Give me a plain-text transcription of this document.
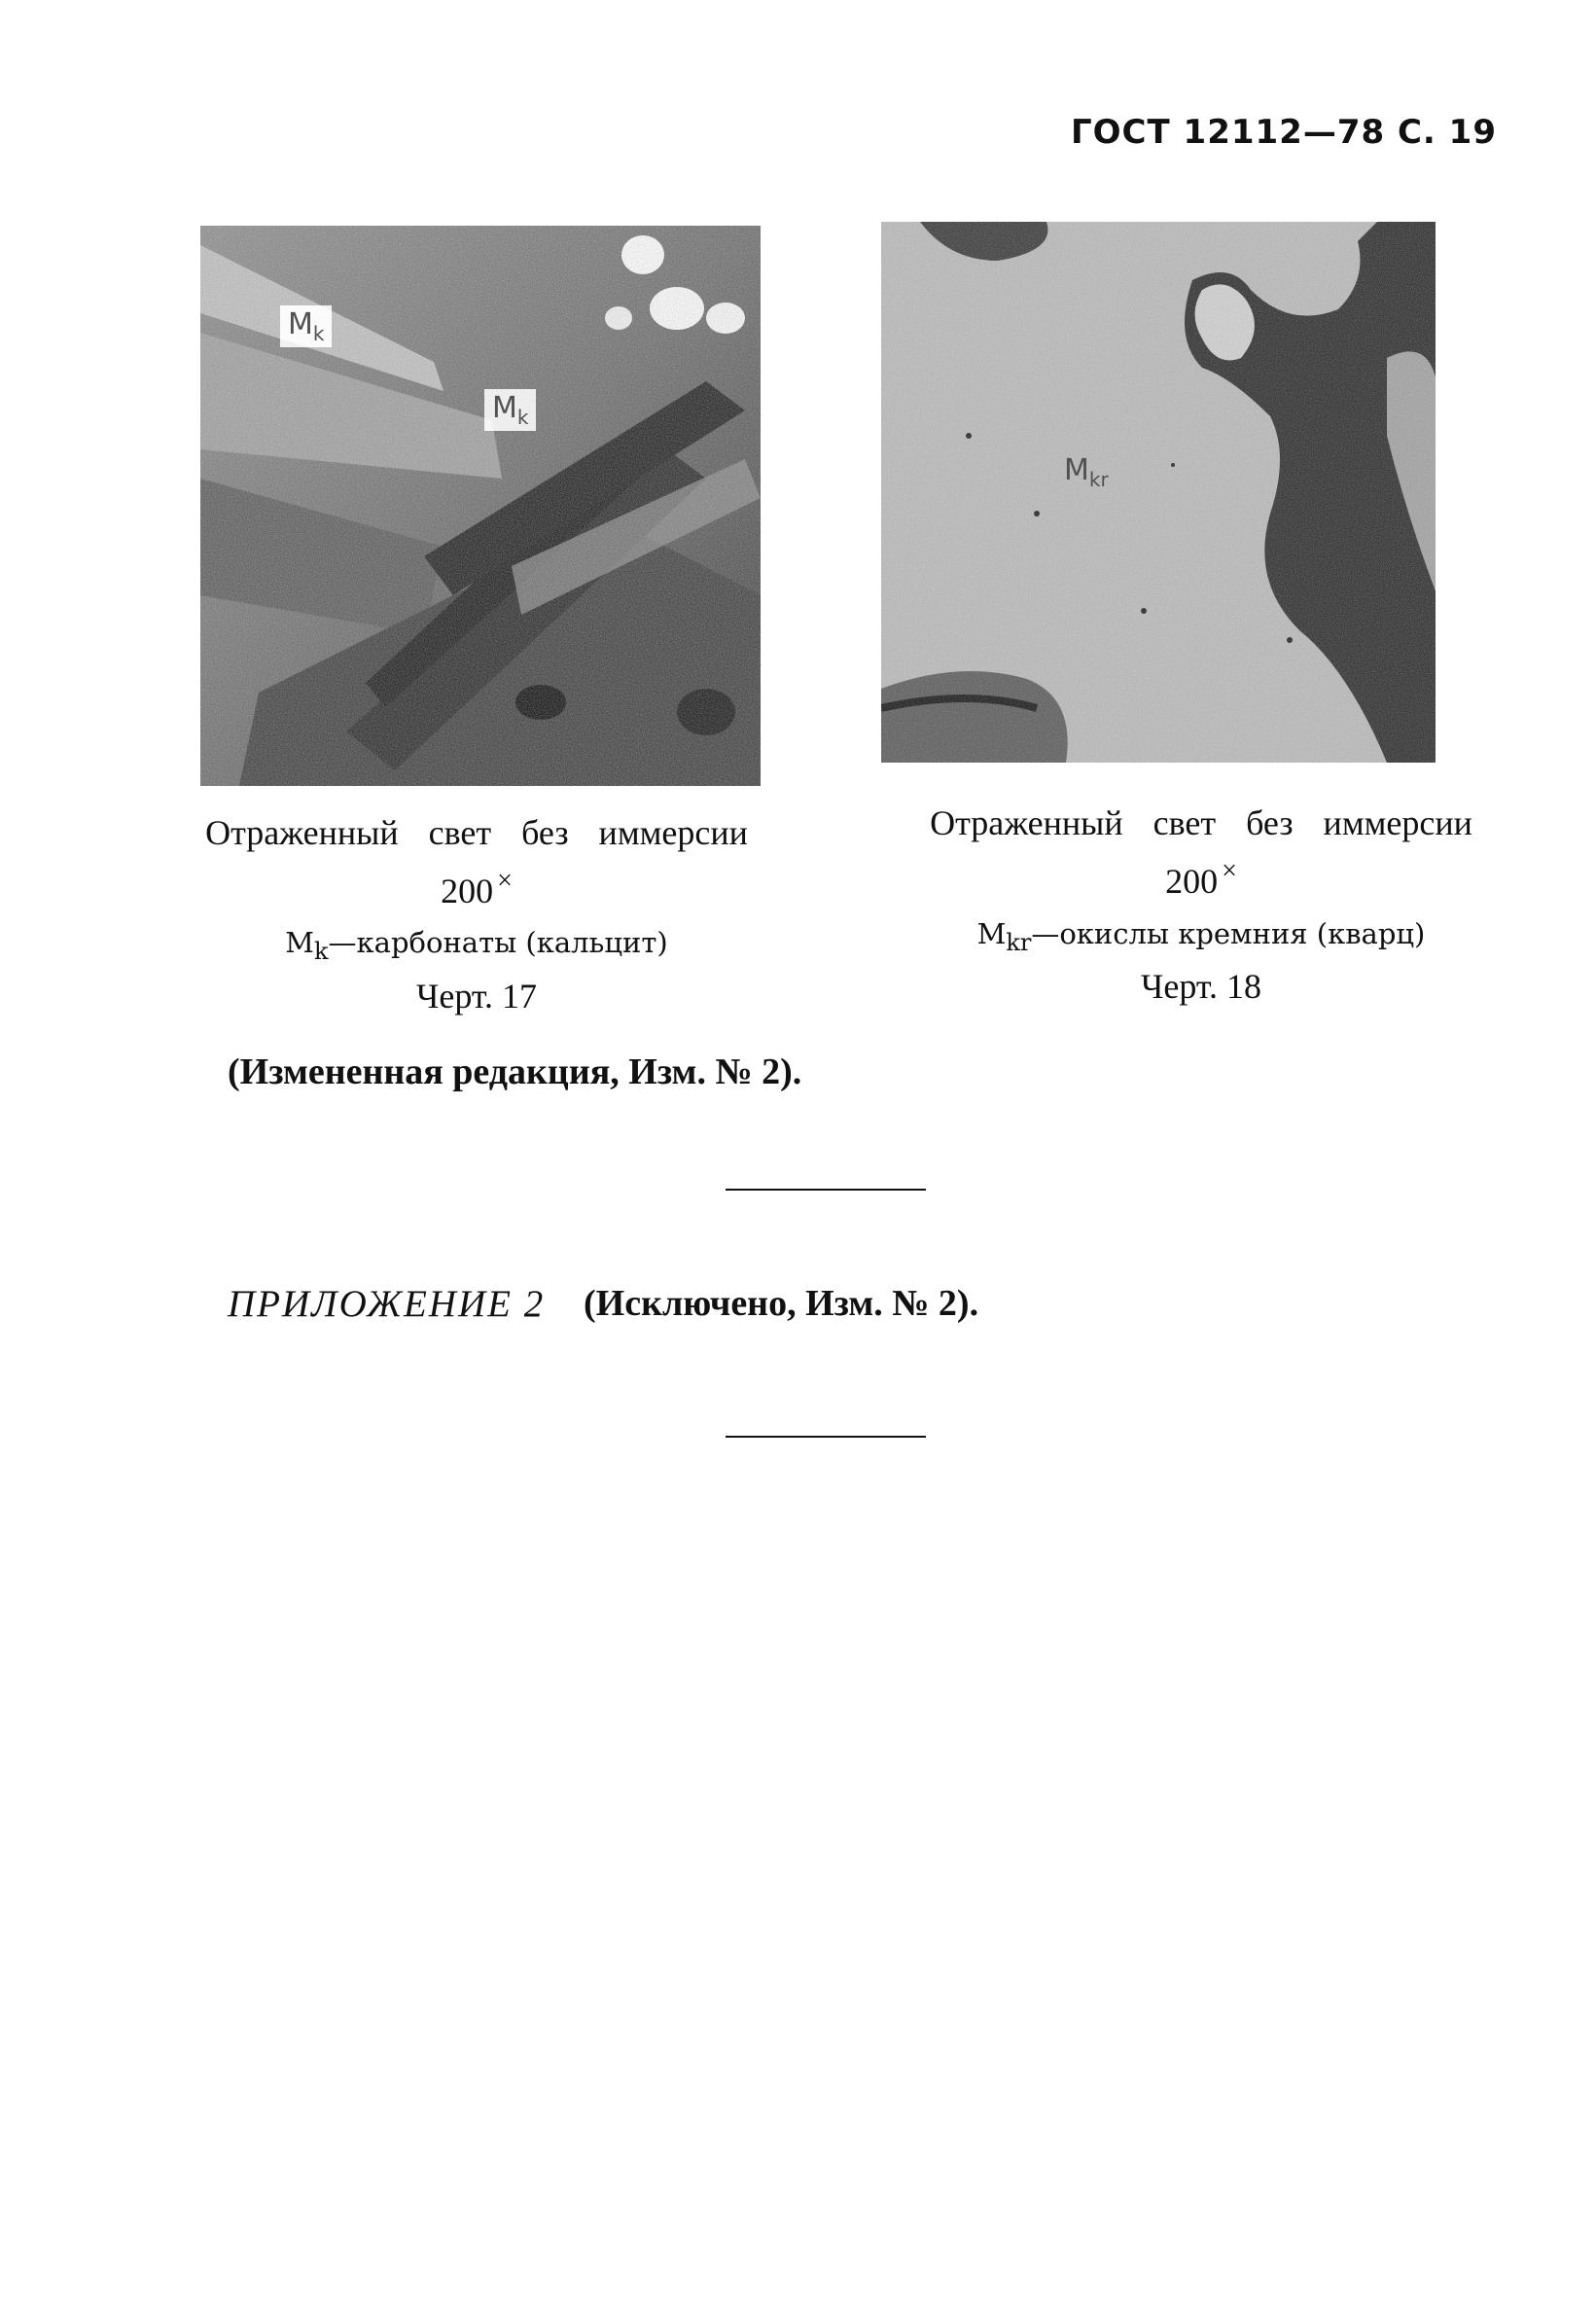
ГОСТ 12112—78 С. 19
$M_k$
$M_k$
$M_{kr}$
Отраженный свет без иммерсии
200 ×
$M_k—карбонаты$ (кальцит)
Черт. 17
Отраженный свет без иммерсии
200 ×
$M_{kr}—окислы$ кремния (кварц)
Черт. 18
(Измененная редакция, Изм. № 2).
ПРИЛОЖЕНИЕ 2 (Исключено, Изм. № 2).
